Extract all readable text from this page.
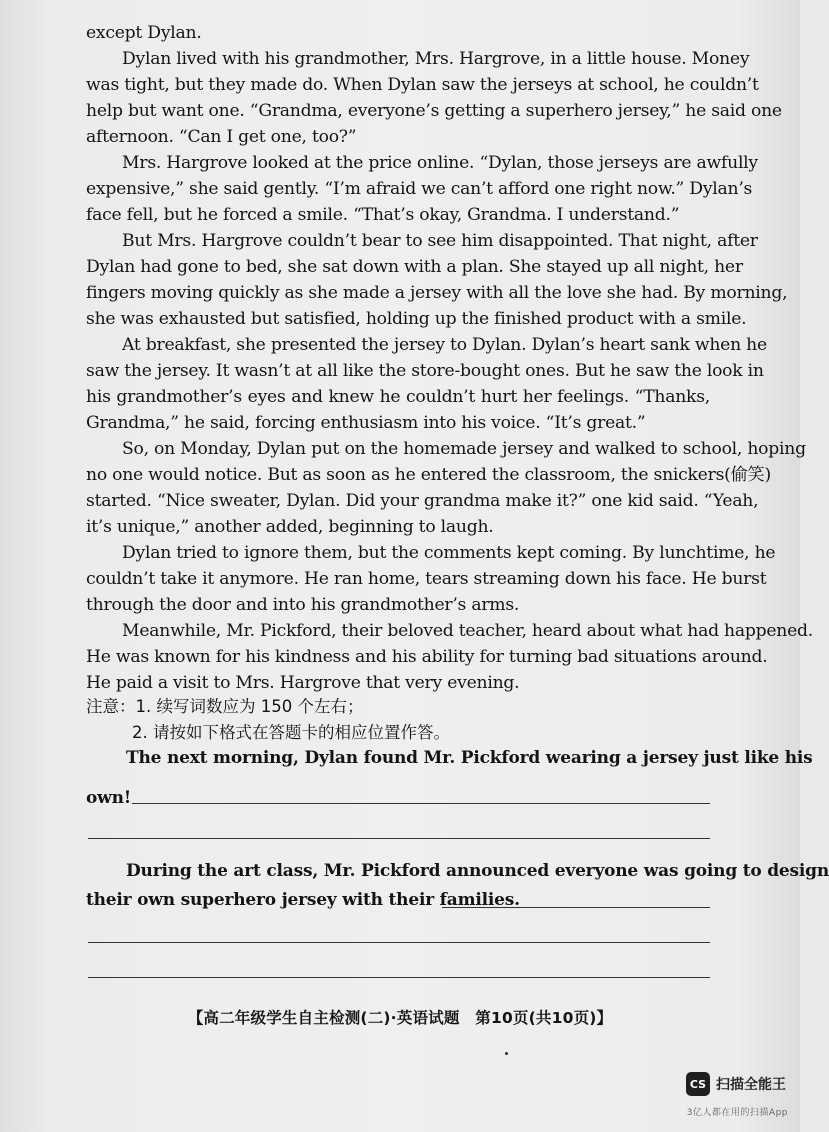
except Dylan.
Dylan lived with his grandmother, Mrs. Hargrove, in a little house. Money
was tight, but they made do. When Dylan saw the jerseys at school, he couldn’t
help but want one. “Grandma, everyone’s getting a superhero jersey,” he said one
afternoon. “Can I get one, too?”
Mrs. Hargrove looked at the price online. “Dylan, those jerseys are awfully
expensive,” she said gently. “I’m afraid we can’t afford one right now.” Dylan’s
face fell, but he forced a smile. “That’s okay, Grandma. I understand.”
But Mrs. Hargrove couldn’t bear to see him disappointed. That night, after
Dylan had gone to bed, she sat down with a plan. She stayed up all night, her
fingers moving quickly as she made a jersey with all the love she had. By morning,
she was exhausted but satisfied, holding up the finished product with a smile.
At breakfast, she presented the jersey to Dylan. Dylan’s heart sank when he
saw the jersey. It wasn’t at all like the store-bought ones. But he saw the look in
his grandmother’s eyes and knew he couldn’t hurt her feelings. “Thanks,
Grandma,” he said, forcing enthusiasm into his voice. “It’s great.”
So, on Monday, Dylan put on the homemade jersey and walked to school, hoping
no one would notice. But as soon as he entered the classroom, the snickers(偷笑)
started. “Nice sweater, Dylan. Did your grandma make it?” one kid said. “Yeah,
it’s unique,” another added, beginning to laugh.
Dylan tried to ignore them, but the comments kept coming. By lunchtime, he
couldn’t take it anymore. He ran home, tears streaming down his face. He burst
through the door and into his grandmother’s arms.
Meanwhile, Mr. Pickford, their beloved teacher, heard about what had happened.
He was known for his kindness and his ability for turning bad situations around.
He paid a visit to Mrs. Hargrove that very evening.
注意：1. 续写词数应为 150 个左右；
2. 请按如下格式在答题卡的相应位置作答。
The next morning, Dylan found Mr. Pickford wearing a jersey just like his
own!
During the art class, Mr. Pickford announced everyone was going to design
their own superhero jersey with their families.
【高二年级学生自主检测(二)·英语试题　第10页(共10页)】
CS 扫描全能王
3亿人都在用的扫描App
